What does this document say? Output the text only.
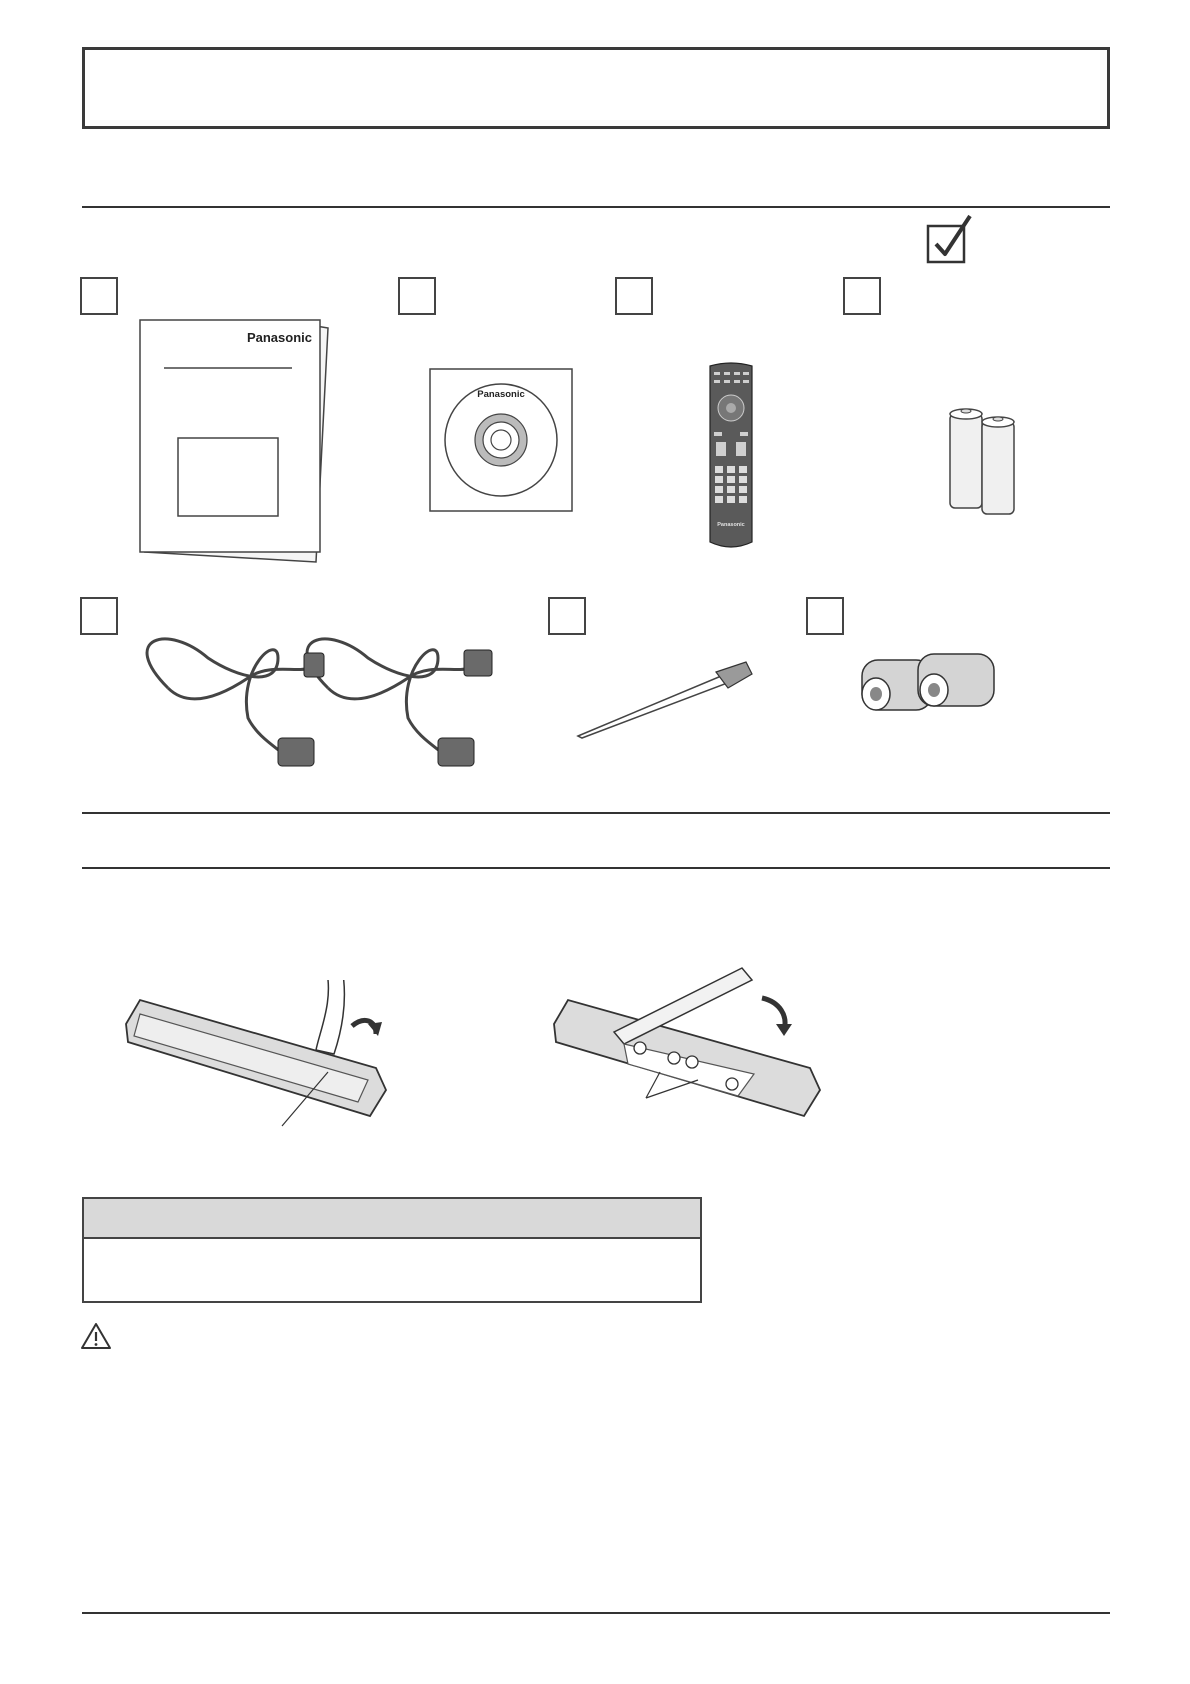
Panasonic
Panasonic
Panasonic
